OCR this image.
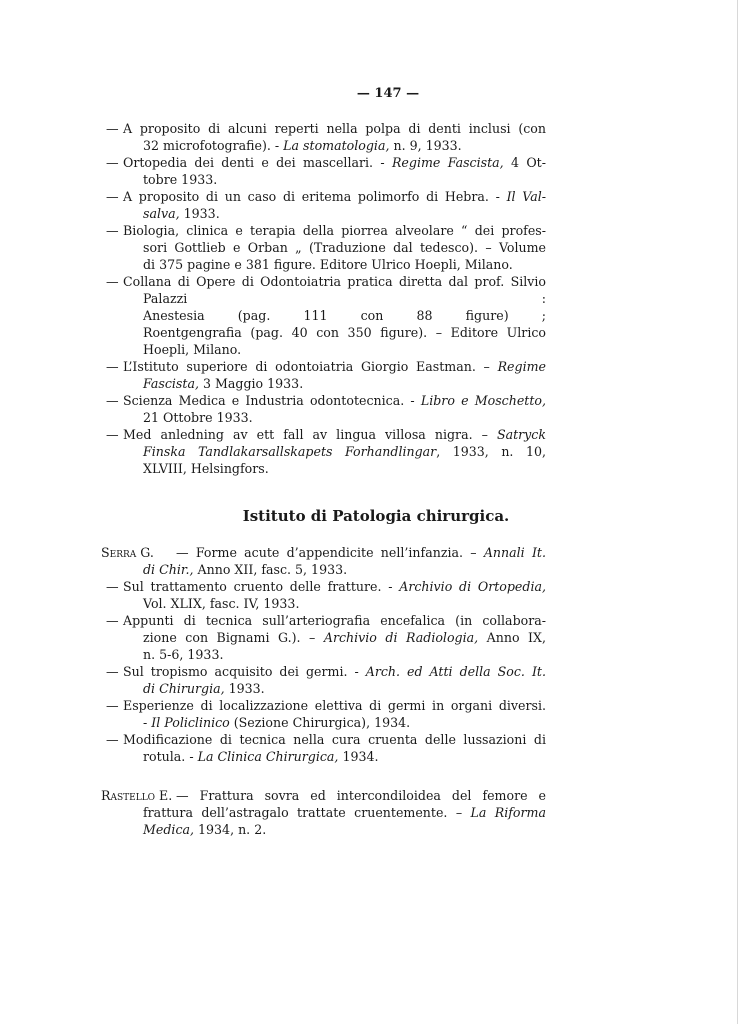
— 147 —
— A proposito di alcuni reperti nella polpa di denti inclusi (con
32 microfotografie). - La stomatologia, n. 9, 1933.
— Ortopedia dei denti e dei mascellari. - Regime Fascista, 4 Ot-
tobre 1933.
— A proposito di un caso di eritema polimorfo di Hebra. - Il Val-
salva, 1933.
— Biologia, clinica e terapia della piorrea alveolare “ dei profes-
sori Gottlieb e Orban „ (Traduzione dal tedesco). – Volume
di 375 pagine e 381 figure. Editore Ulrico Hoepli, Milano.
— Collana di Opere di Odontoiatria pratica diretta dal prof. Silvio
Palazzi :
Anestesia (pag. 111 con 88 figure) ;
Roentgengrafia (pag. 40 con 350 figure). – Editore Ulrico
Hoepli, Milano.
— L’Istituto superiore di odontoiatria Giorgio Eastman. – Regime
Fascista, 3 Maggio 1933.
— Scienza Medica e Industria odontotecnica. - Libro e Moschetto,
21 Ottobre 1933.
— Med anledning av ett fall av lingua villosa nigra. – Satryck
Finska Tandlakarsallskapets Forhandlingar, 1933, n. 10,
XLVIII, Helsingfors.
Istituto di Patologia chirurgica.
Serra G. — Forme acute d’appendicite nell’infanzia. – Annali It.
di Chir., Anno XII, fasc. 5, 1933.
— Sul trattamento cruento delle fratture. - Archivio di Ortopedia,
Vol. XLIX, fasc. IV, 1933.
— Appunti di tecnica sull’arteriografia encefalica (in collabora-
zione con Bignami G.). – Archivio di Radiologia, Anno IX,
n. 5-6, 1933.
— Sul tropismo acquisito dei germi. - Arch. ed Atti della Soc. It.
di Chirurgia, 1933.
— Esperienze di localizzazione elettiva di germi in organi diversi.
- Il Policlinico (Sezione Chirurgica), 1934.
— Modificazione di tecnica nella cura cruenta delle lussazioni di
rotula. - La Clinica Chirurgica, 1934.
Rastello E. — Frattura sovra ed intercondiloidea del femore e
frattura dell’astragalo trattate cruentemente. – La Riforma
Medica, 1934, n. 2.
